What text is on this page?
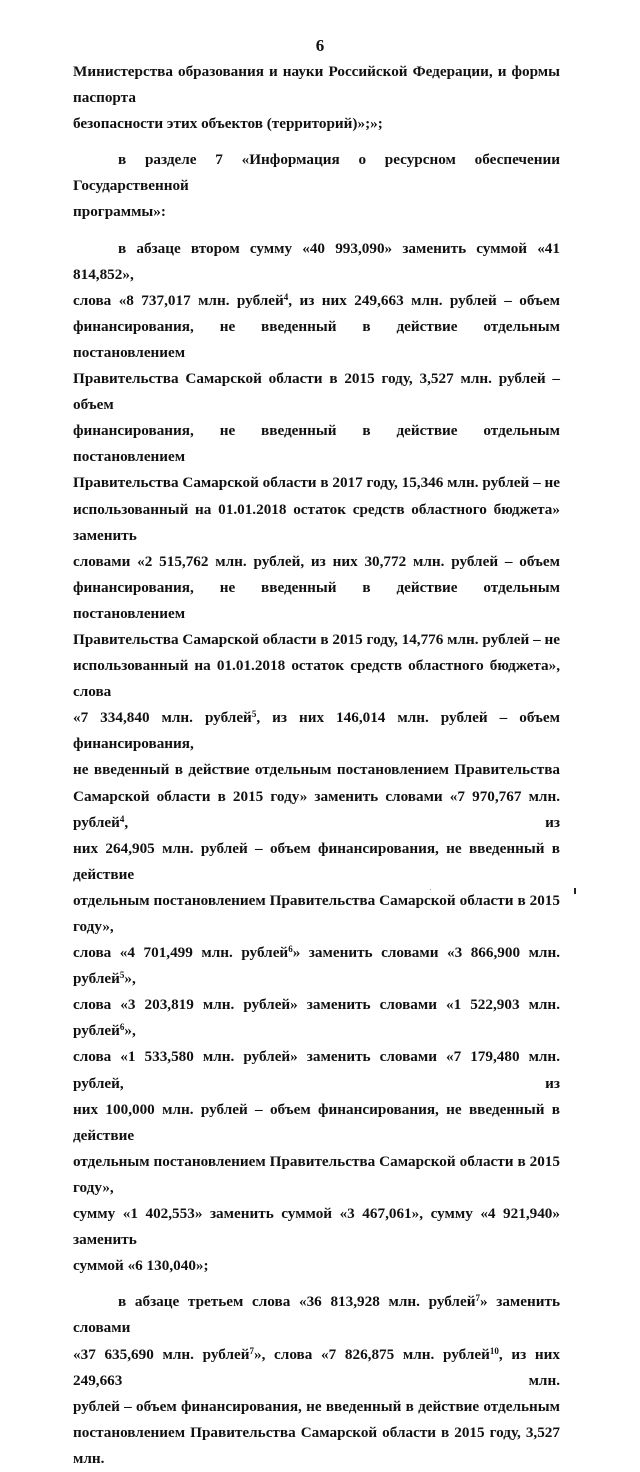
6

Министерства образования и науки Российской Федерации, и формы паспорта

безопасности этих объектов (территорий)»;»;

в разделе 7 «Информация о ресурсном обеспечении Государственной

программы»:

в абзаце втором сумму «40 993,090» заменить суммой «41 814,852»,

слова «8 737,017 млн. рублей$^4$, из них 249,663 млн. рублей – объем

финансирования, не введенный в действие отдельным постановлением

Правительства Самарской области в 2015 году, 3,527 млн. рублей – объем

финансирования, не введенный в действие отдельным постановлением

Правительства Самарской области в 2017 году, 15,346 млн. рублей – не

использованный на 01.01.2018 остаток средств областного бюджета» заменить

словами «2 515,762 млн. рублей, из них 30,772 млн. рублей – объем

финансирования, не введенный в действие отдельным постановлением

Правительства Самарской области в 2015 году, 14,776 млн. рублей – не

использованный на 01.01.2018 остаток средств областного бюджета», слова

«7 334,840 млн. рублей$^5$, из них 146,014 млн. рублей – объем финансирования,

не введенный в действие отдельным постановлением Правительства

Самарской области в 2015 году» заменить словами «7 970,767 млн. рублей$^4$, из

них 264,905 млн. рублей – объем финансирования, не введенный в действие

отдельным постановлением Правительства Самарской области в 2015 году»,

слова «4 701,499 млн. рублей$^6$» заменить словами «3 866,900 млн. рублей$^5$»,

слова «3 203,819 млн. рублей» заменить словами «1 522,903 млн. рублей$^6$»,

слова «1 533,580 млн. рублей» заменить словами «7 179,480 млн. рублей, из

них 100,000 млн. рублей – объем финансирования, не введенный в действие

отдельным постановлением Правительства Самарской области в 2015 году»,

сумму «1 402,553» заменить суммой «3 467,061», сумму «4 921,940» заменить

суммой «6 130,040»;

в абзаце третьем слова «36 813,928 млн. рублей$^7$» заменить словами

«37 635,690 млн. рублей$^7$», слова «7 826,875 млн. рублей$^{10}$, из них 249,663 млн.

рублей – объем финансирования, не введенный в действие отдельным

постановлением Правительства Самарской области в 2015 году, 3,527 млн.
